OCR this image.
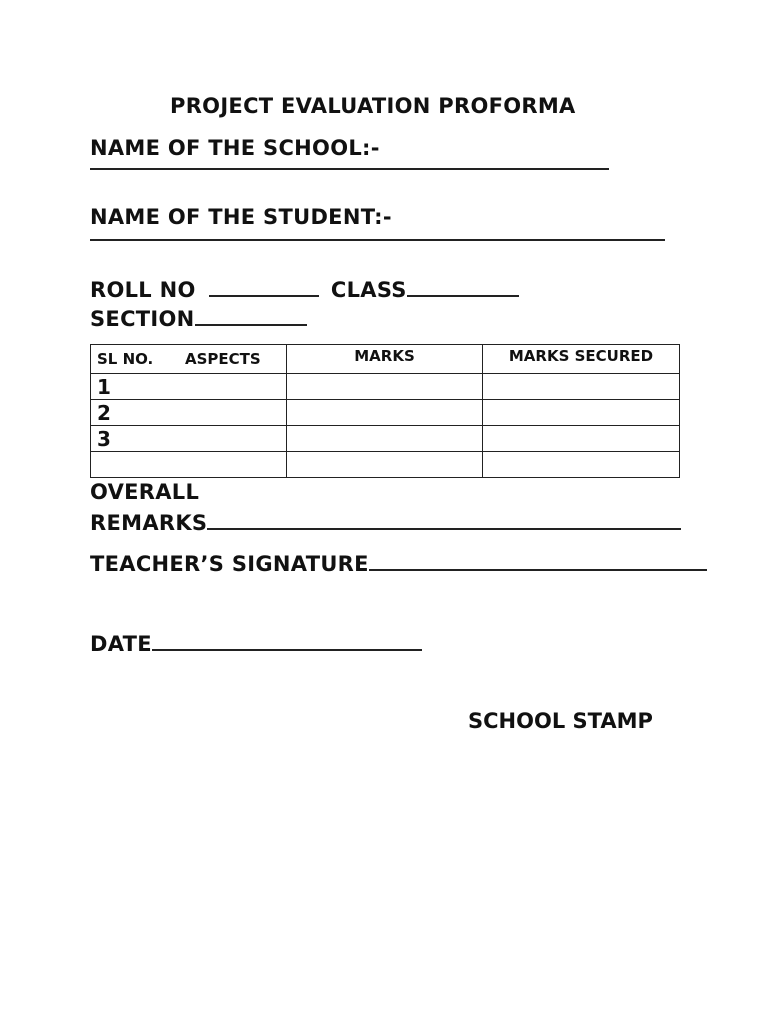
PROJECT EVALUATION PROFORMA
NAME OF THE SCHOOL:-
NAME OF THE STUDENT:-
ROLL NO	CLASS
SECTION
SL NO. ASPECTS	MARKS	MARKS SECURED
1		
2		
3		

OVERALL
REMARKS
TEACHER’S SIGNATURE
DATE
SCHOOL STAMP
